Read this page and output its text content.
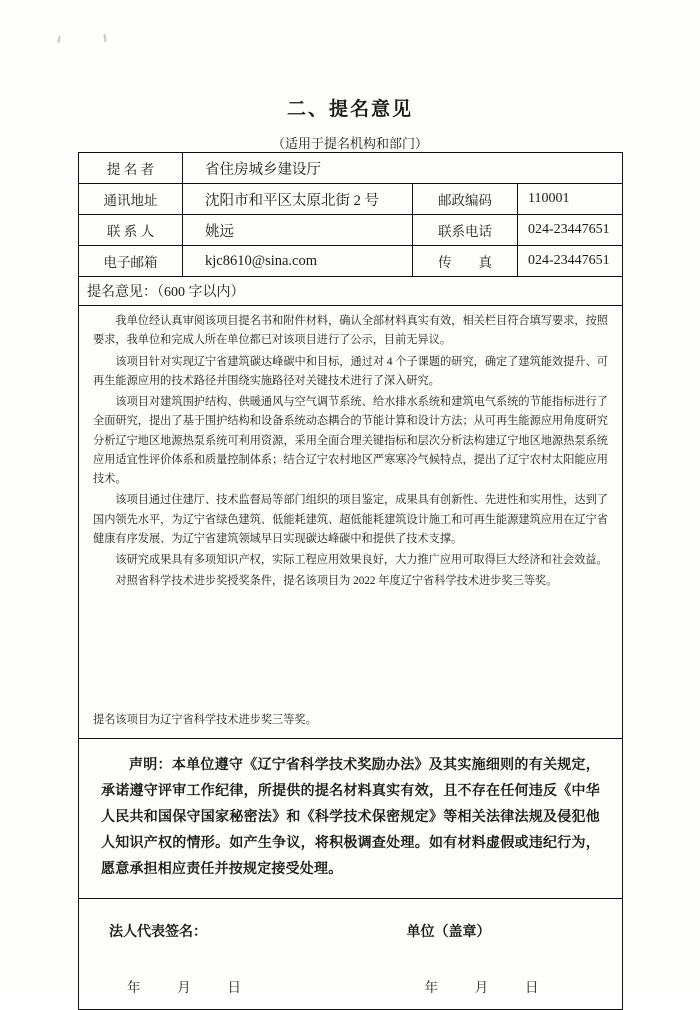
二、提名意见
（适用于提名机构和部门）
提 名 者	省住房城乡建设厅
通讯地址	沈阳市和平区太原北街 2 号	邮政编码	110001
联 系 人	姚远	联系电话	024-23447651
电子邮箱	kjc8610@sina.com	传　　真	024-23447651
提名意见：（600 字以内）

我单位经认真审阅该项目提名书和附件材料，确认全部材料真实有效，相关栏目符合填写要求，按照要求，我单位和完成人所在单位都已对该项目进行了公示，目前无异议。

该项目针对实现辽宁省建筑碳达峰碳中和目标，通过对 4 个子课题的研究，确定了建筑能效提升、可再生能源应用的技术路径并围绕实施路径对关键技术进行了深入研究。

该项目对建筑围护结构、供暖通风与空气调节系统、给水排水系统和建筑电气系统的节能指标进行了全面研究，提出了基于围护结构和设备系统动态耦合的节能计算和设计方法；从可再生能源应用角度研究分析辽宁地区地源热泵系统可利用资源，采用全面合理关键指标和层次分析法构建辽宁地区地源热泵系统应用适宜性评价体系和质量控制体系；结合辽宁农村地区严寒寒冷气候特点，提出了辽宁农村太阳能应用技术。

该项目通过住建厅、技术监督局等部门组织的项目鉴定，成果具有创新性、先进性和实用性，达到了国内领先水平，为辽宁省绿色建筑、低能耗建筑、超低能耗建筑设计施工和可再生能源建筑应用在辽宁省健康有序发展、为辽宁省建筑领域早日实现碳达峰碳中和提供了技术支撑。

该研究成果具有多项知识产权，实际工程应用效果良好，大力推广应用可取得巨大经济和社会效益。

对照省科学技术进步奖授奖条件，提名该项目为 2022 年度辽宁省科学技术进步奖三等奖。

提名该项目为辽宁省科学技术进步奖三等奖。

声明：本单位遵守《辽宁省科学技术奖励办法》及其实施细则的有关规定，承诺遵守评审工作纪律，所提供的提名材料真实有效，且不存在任何违反《中华人民共和国保守国家秘密法》和《科学技术保密规定》等相关法律法规及侵犯他人知识产权的情形。如产生争议，将积极调查处理。如有材料虚假或违纪行为，愿意承担相应责任并按规定接受处理。

法人代表签名：	单位（盖章）
年	月	日	年	月	日
